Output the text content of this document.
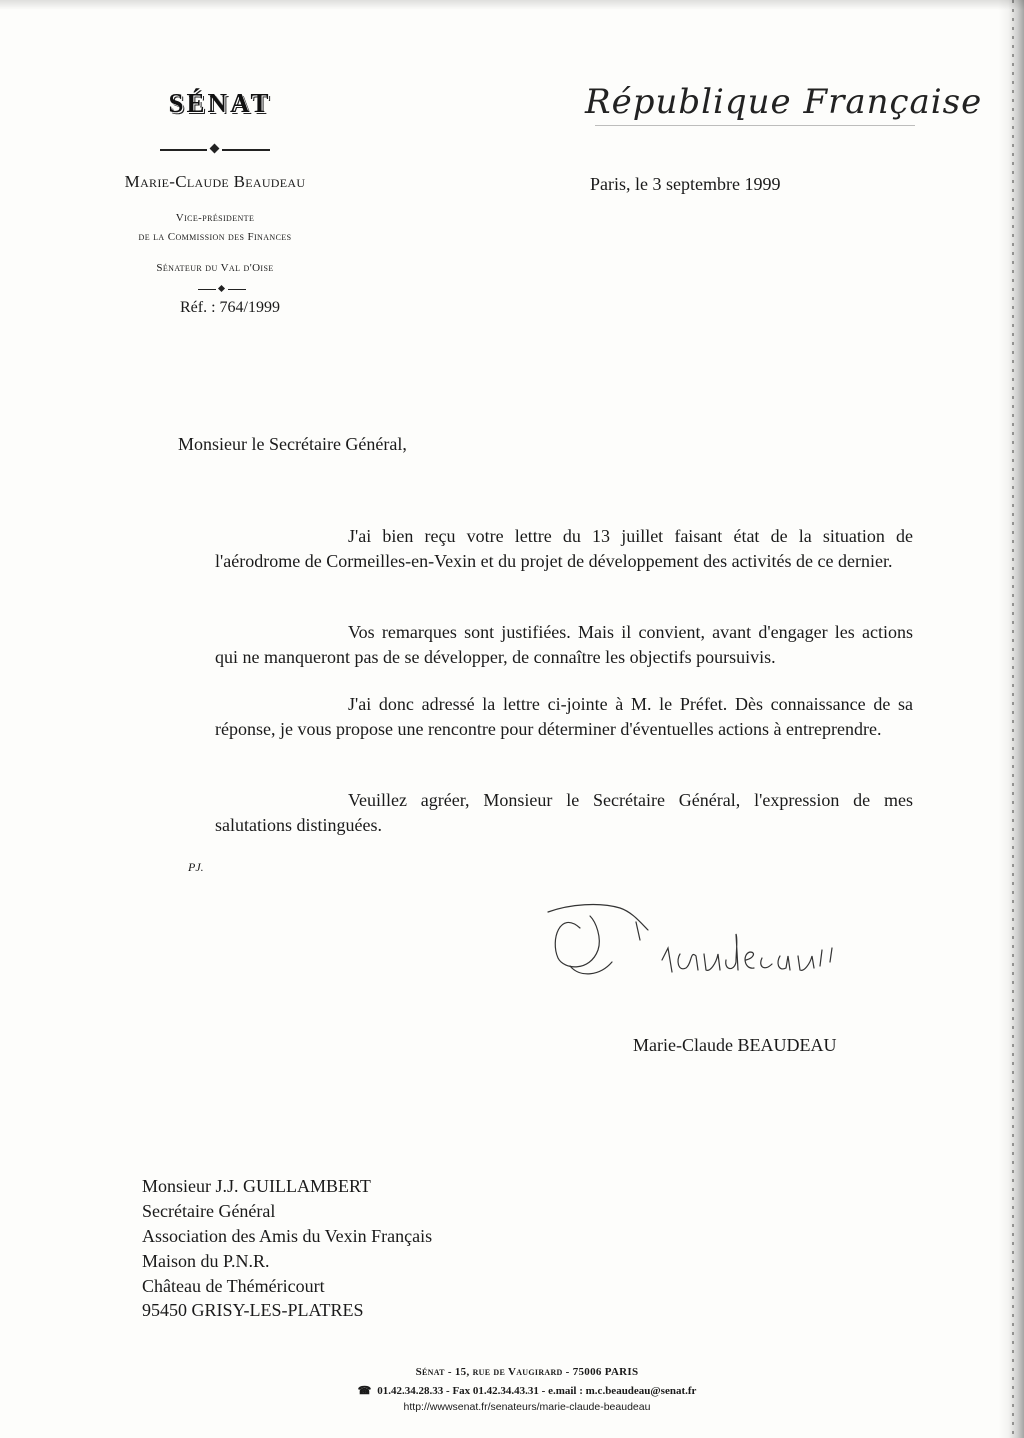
SÉNAT
Marie-Claude Beaudeau
Vice-présidente
de la Commission des Finances
Sénateur du Val d'Oise
Réf. : 764/1999
République Française
Paris, le 3 septembre 1999
Monsieur le Secrétaire Général,
J'ai bien reçu votre lettre du 13 juillet faisant état de la situation de l'aérodrome de Cormeilles-en-Vexin et du projet de développement des activités de ce dernier.
Vos remarques sont justifiées. Mais il convient, avant d'engager les actions qui ne manqueront pas de se développer, de connaître les objectifs poursuivis.
J'ai donc adressé la lettre ci-jointe à M. le Préfet. Dès connaissance de sa réponse, je vous propose une rencontre pour déterminer d'éventuelles actions à entreprendre.
Veuillez agréer, Monsieur le Secrétaire Général, l'expression de mes salutations distinguées.
PJ.
Marie-Claude BEAUDEAU
Monsieur J.J. GUILLAMBERT
Secrétaire Général
Association des Amis du Vexin Français
Maison du P.N.R.
Château de Théméricourt
95450 GRISY-LES-PLATRES
Sénat - 15, rue de Vaugirard - 75006 PARIS
☎ 01.42.34.28.33 - Fax 01.42.34.43.31 - e.mail : m.c.beaudeau@senat.fr
http://wwwsenat.fr/senateurs/marie-claude-beaudeau
